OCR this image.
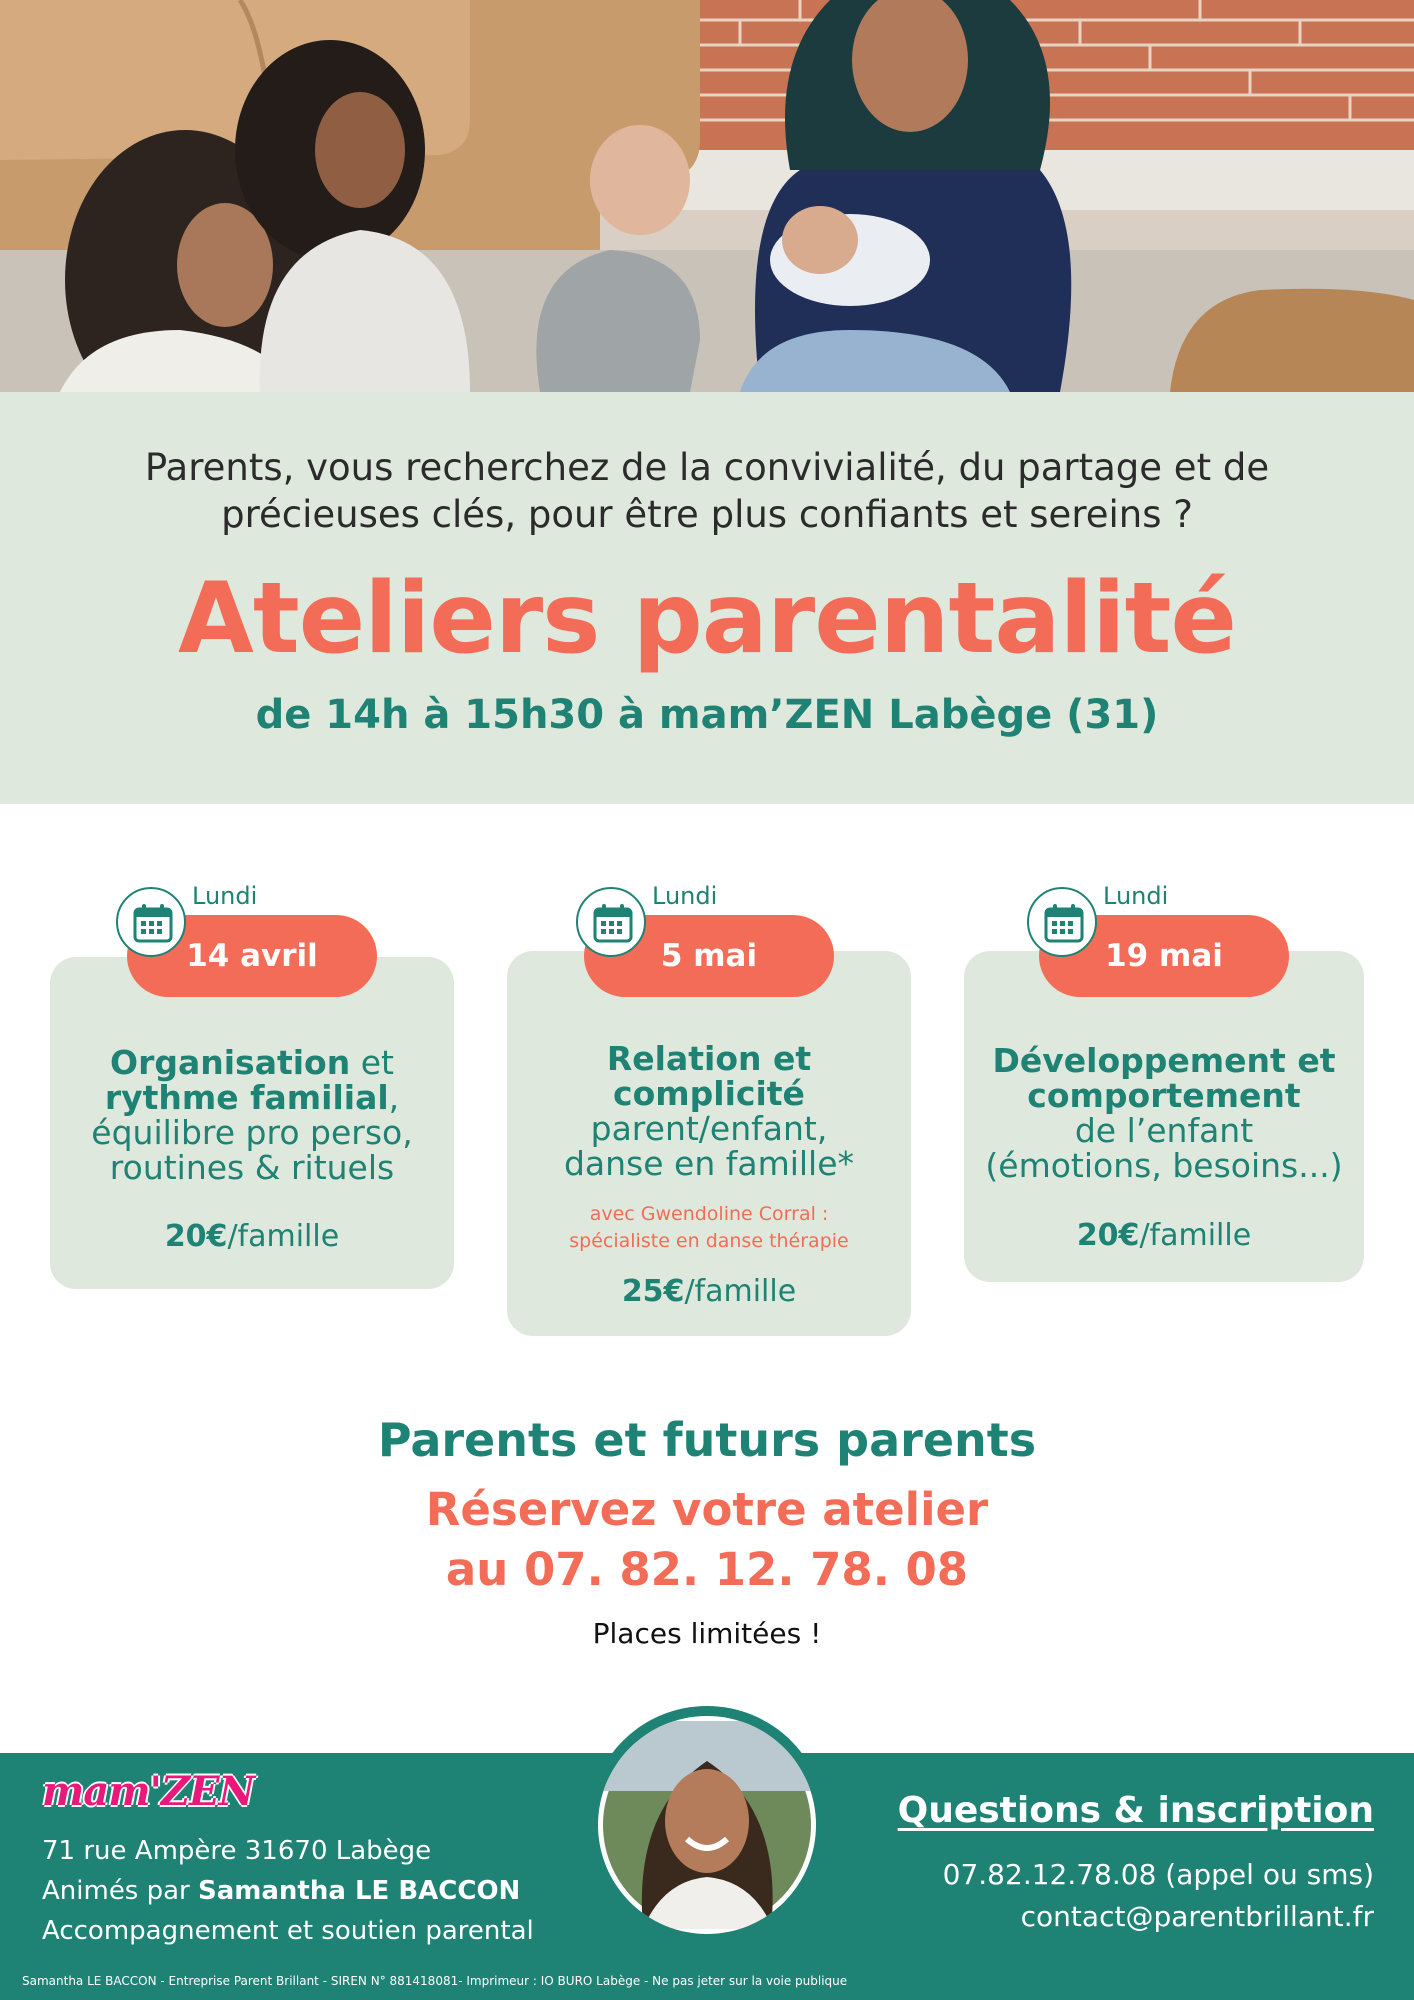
Parents, vous recherchez de la convivialité, du partage et de
précieuses clés, pour être plus confiants et sereins ?
Ateliers parentalité
de 14h à 15h30 à mam’ZEN Labège (31)
Organisation et
rythme familial,
équilibre pro perso,
routines & rituels
20€/famille
14 avril
Lundi
Relation et
complicité
parent/enfant,
danse en famille*
avec Gwendoline Corral :
spécialiste en danse thérapie
25€/famille
5 mai
Lundi
Développement et
comportement
de l’enfant
(émotions, besoins...)
20€/famille
19 mai
Lundi
Parents et futurs parents
Réservez votre atelier
au 07. 82. 12. 78. 08
Places limitées !
mam'ZEN
71 rue Ampère 31670 Labège
Animés par Samantha LE BACCON
Accompagnement et soutien parental
Questions & inscription
07.82.12.78.08 (appel ou sms)
contact@parentbrillant.fr
Samantha LE BACCON - Entreprise Parent Brillant - SIREN N° 881418081- Imprimeur : IO BURO Labège - Ne pas jeter sur la voie publique
